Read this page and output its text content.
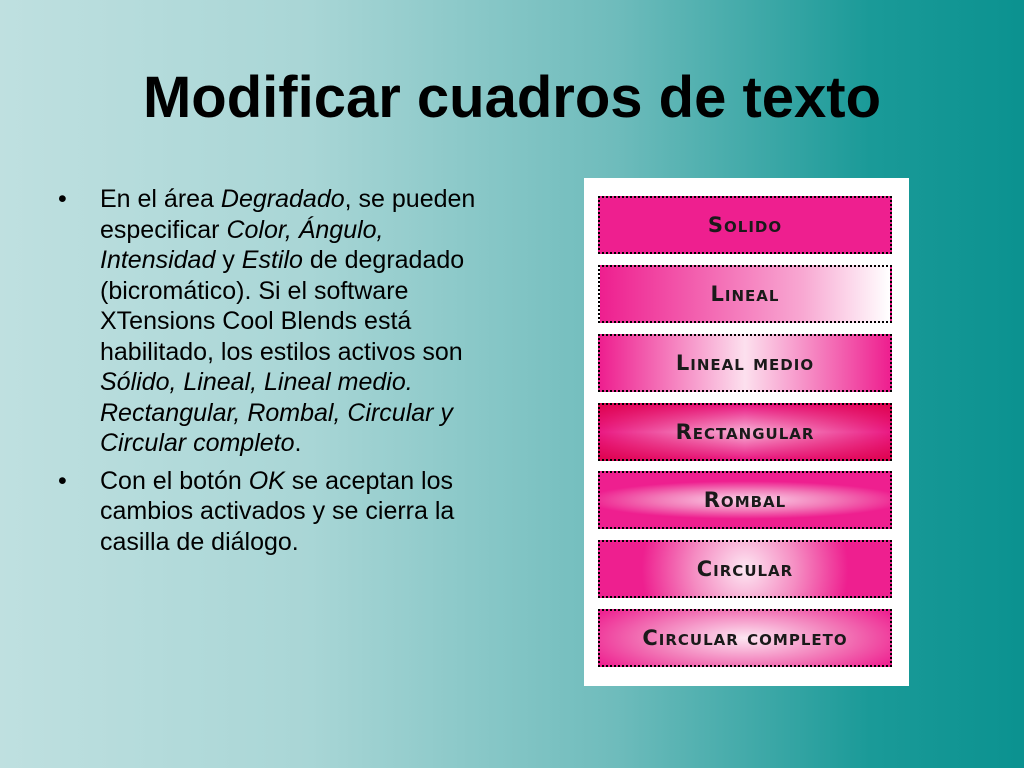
Modificar cuadros de texto
• En el área Degradado, se pueden especificar Color, Ángulo, Intensidad y Estilo de degradado (bicromático). Si el software XTensions Cool Blends está habilitado, los estilos activos son Sólido, Lineal, Lineal medio. Rectangular, Rombal, Circular y Circular completo.
• Con el botón OK se aceptan los cambios activados y se cierra la casilla de diálogo.
Solido
Lineal
Lineal medio
Rectangular
Rombal
Circular
Circular completo
